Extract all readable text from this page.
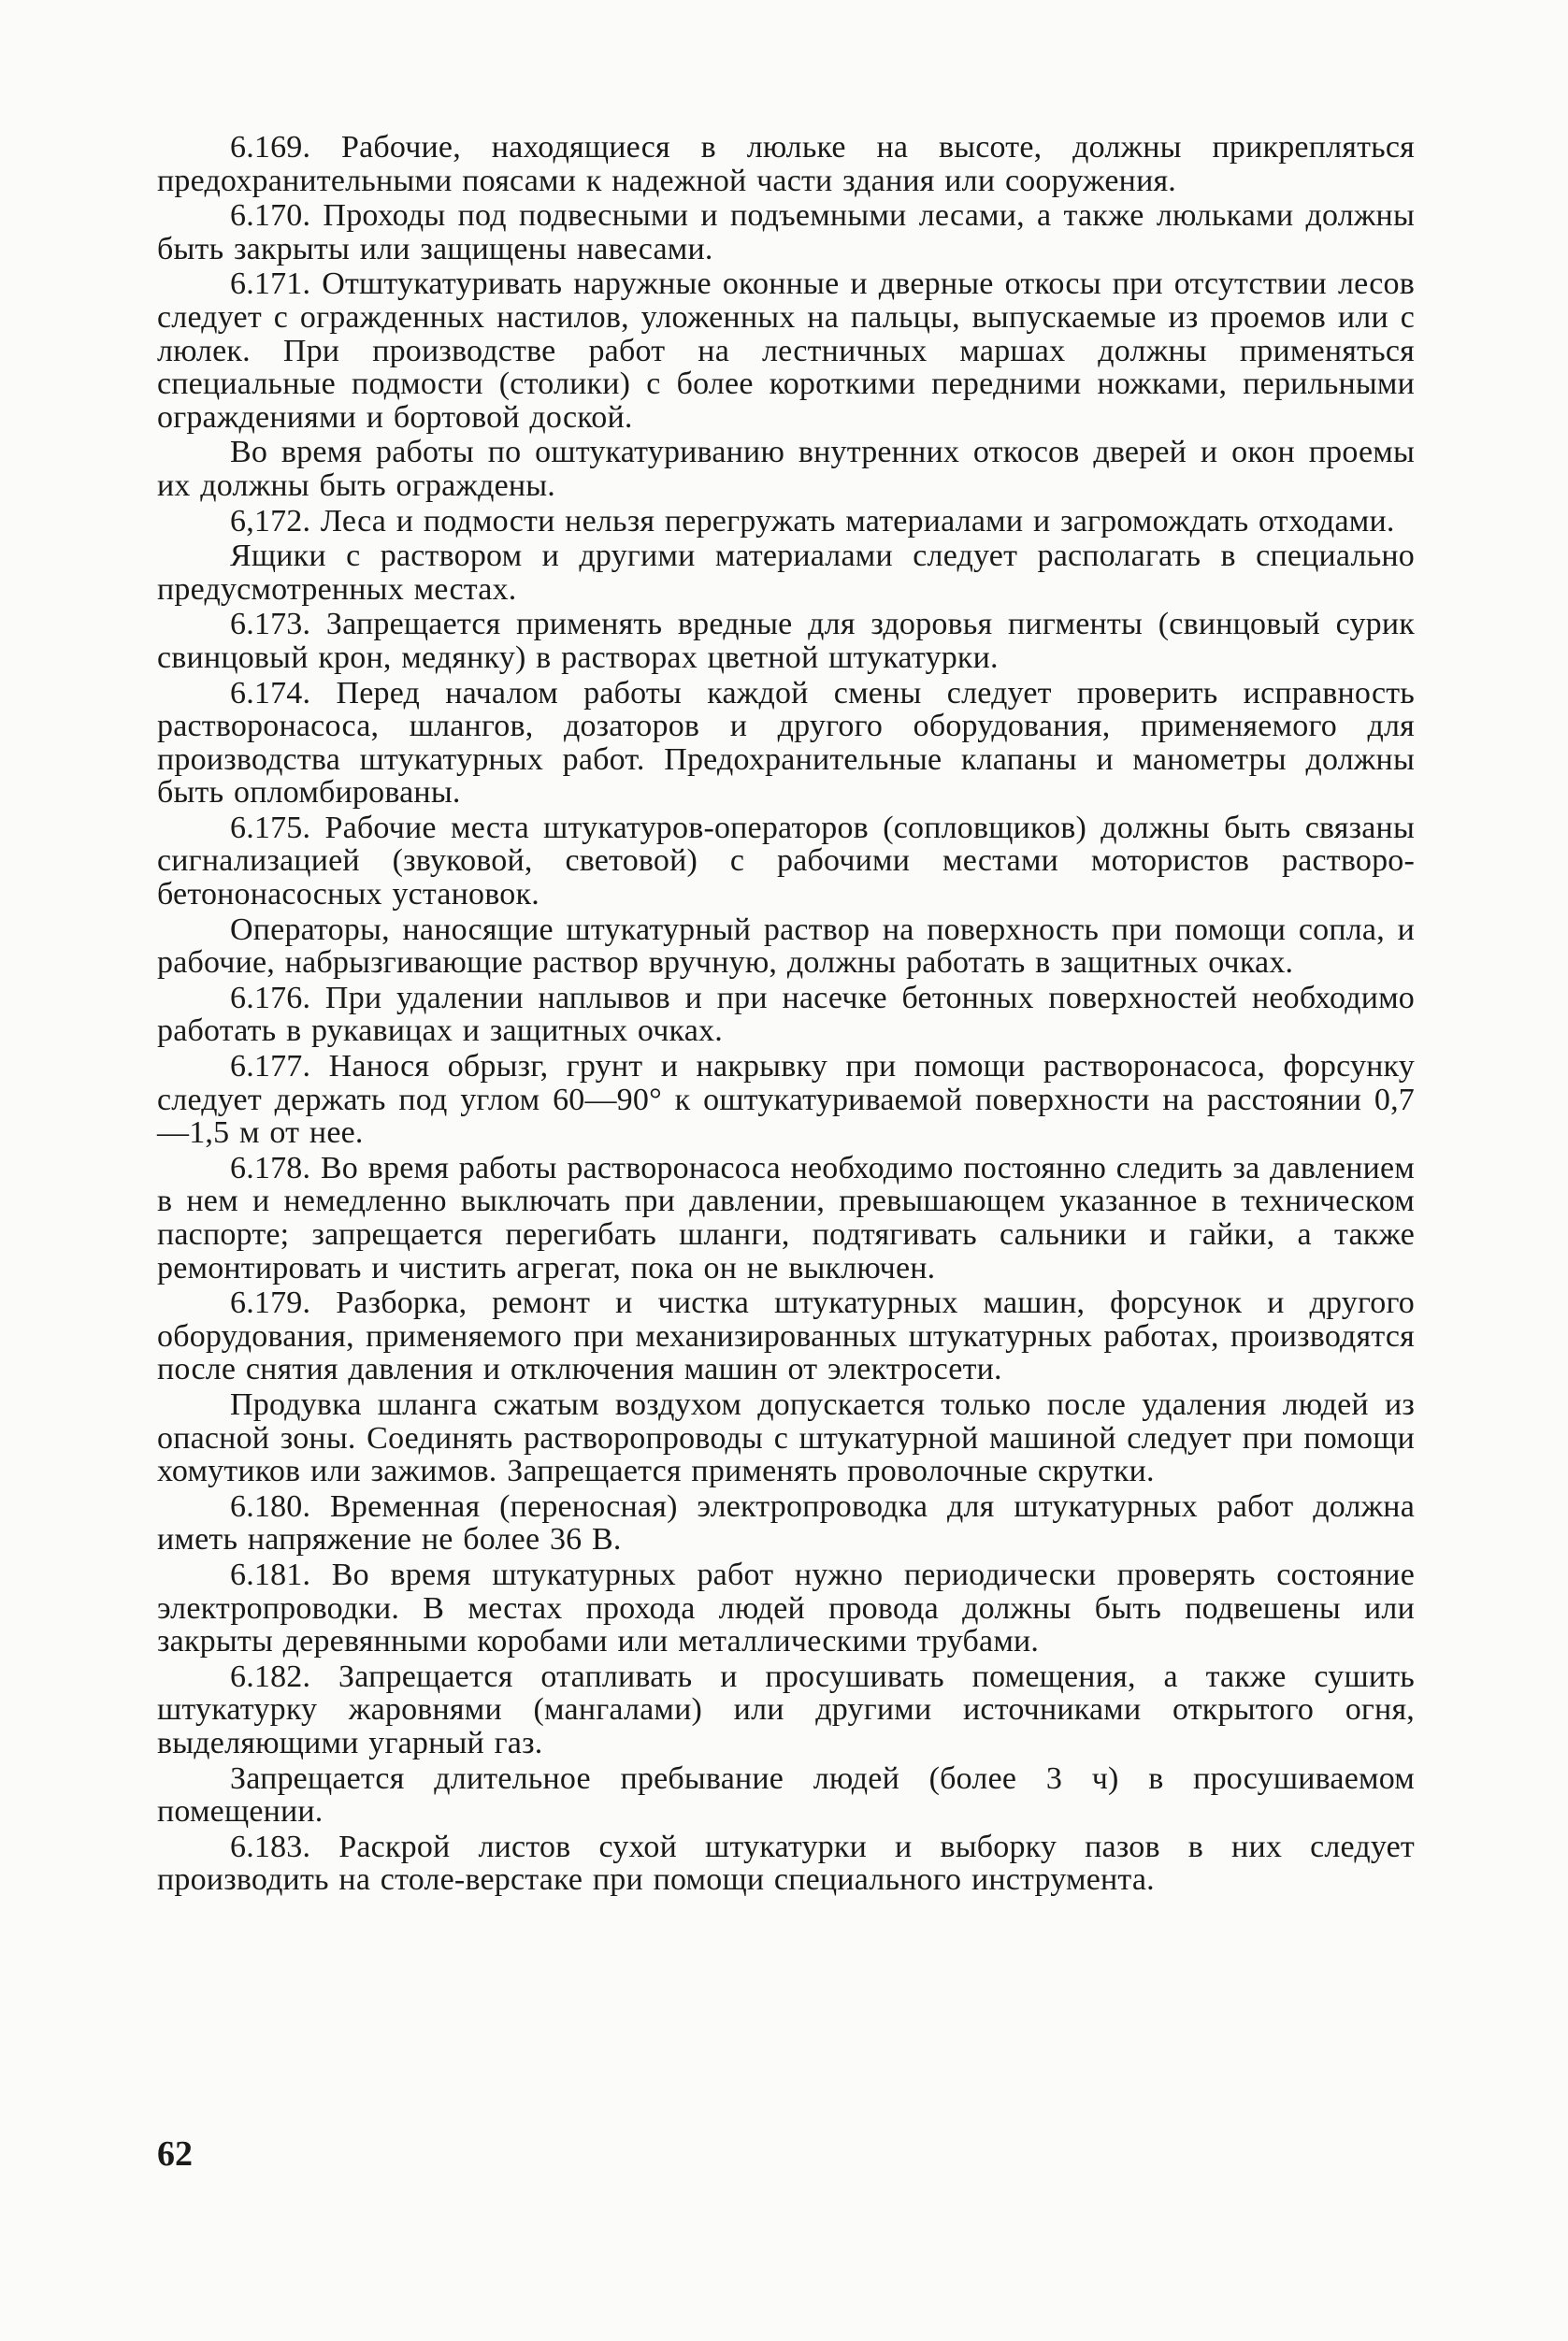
6.169. Рабочие, находящиеся в люльке на высоте, должны прикрепляться предохранительными поясами к надежной части здания или сооружения.

6.170. Проходы под подвесными и подъемными лесами, а также люльками должны быть закрыты или защищены навесами.

6.171. Отштукатуривать наружные оконные и дверные откосы при отсутствии лесов следует с огражденных настилов, уложенных на пальцы, выпускаемые из проемов или с люлек. При производстве работ на лестничных маршах должны применяться специальные подмости (столики) с более короткими передними ножками, перильными ограждениями и бортовой доской.

Во время работы по оштукатуриванию внутренних откосов дверей и окон проемы их должны быть ограждены.

6,172. Леса и подмости нельзя перегружать материалами и загромождать отходами.

Ящики с раствором и другими материалами следует располагать в специально предусмотренных местах.

6.173. Запрещается применять вредные для здоровья пигменты (свинцовый сурик свинцовый крон, медянку) в растворах цветной штукатурки.

6.174. Перед началом работы каждой смены следует проверить исправность растворонасоса, шлангов, дозаторов и другого оборудования, применяемого для производства штукатурных работ. Предохранительные клапаны и манометры должны быть опломбированы.

6.175. Рабочие места штукатуров-операторов (сопловщиков) должны быть связаны сигнализацией (звуковой, световой) с рабочими местами мотористов растворо-бетононасосных установок.

Операторы, наносящие штукатурный раствор на поверхность при помощи сопла, и рабочие, набрызгивающие раствор вручную, должны работать в защитных очках.

6.176. При удалении наплывов и при насечке бетонных поверхностей необходимо работать в рукавицах и защитных очках.

6.177. Нанося обрызг, грунт и накрывку при помощи растворонасоса, форсунку следует держать под углом 60—90° к оштукатуриваемой поверхности на расстоянии 0,7—1,5 м от нее.

6.178. Во время работы растворонасоса необходимо постоянно следить за давлением в нем и немедленно выключать при давлении, превышающем указанное в техническом паспорте; запрещается перегибать шланги, подтягивать сальники и гайки, а также ремонтировать и чистить агрегат, пока он не выключен.

6.179. Разборка, ремонт и чистка штукатурных машин, форсунок и другого оборудования, применяемого при механизированных штукатурных работах, производятся после снятия давления и отключения машин от электросети.

Продувка шланга сжатым воздухом допускается только после удаления людей из опасной зоны. Соединять растворопроводы с штукатурной машиной следует при помощи хомутиков или зажимов. Запрещается применять проволочные скрутки.

6.180. Временная (переносная) электропроводка для штукатурных работ должна иметь напряжение не более 36 В.

6.181. Во время штукатурных работ нужно периодически проверять состояние электропроводки. В местах прохода людей провода должны быть подвешены или закрыты деревянными коробами или металлическими трубами.

6.182. Запрещается отапливать и просушивать помещения, а также сушить штукатурку жаровнями (мангалами) или другими источниками открытого огня, выделяющими угарный газ.

Запрещается длительное пребывание людей (более 3 ч) в просушиваемом помещении.

6.183. Раскрой листов сухой штукатурки и выборку пазов в них следует производить на столе-верстаке при помощи специального инструмента.

62
